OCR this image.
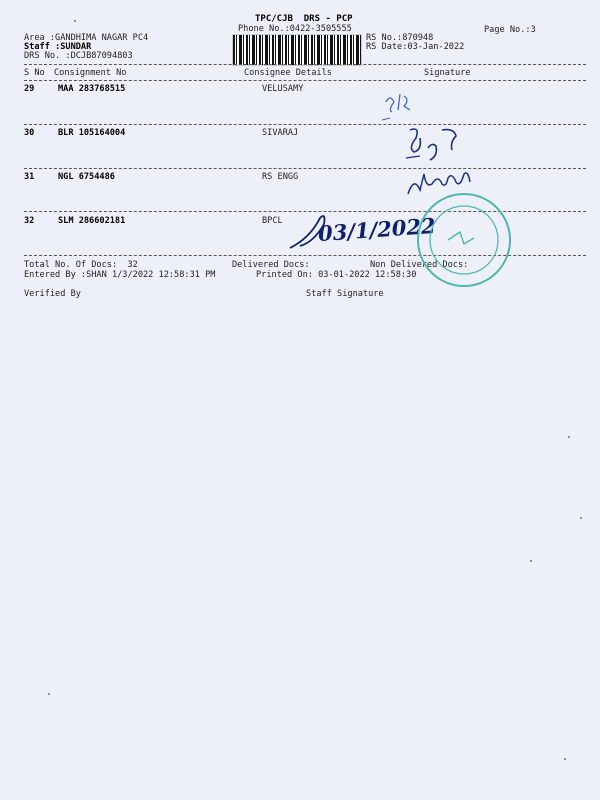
TPC/CJB  DRS - PCP
Phone No.:0422-3505555	Page No.:3
Area :GANDHIMA NAGAR PC4
Staff :SUNDAR
DRS No. :DCJB87094803
RS No.:870948
RS Date:03-Jan-2022
S No Consignment No	Consignee Details	Signature
29	MAA 283768515	VELUSAMY
30	BLR 105164004	SIVARAJ
31	NGL 6754486	RS ENGG
32	SLM 286602181	BPCL
Total No. Of Docs:  32	Delivered Docs:	Non Delivered Docs:
Entered By :SHAN 1/3/2022 12:58:31 PM	Printed On: 03-01-2022 12:58:30
Verified By	Staff Signature
03/1/2022
